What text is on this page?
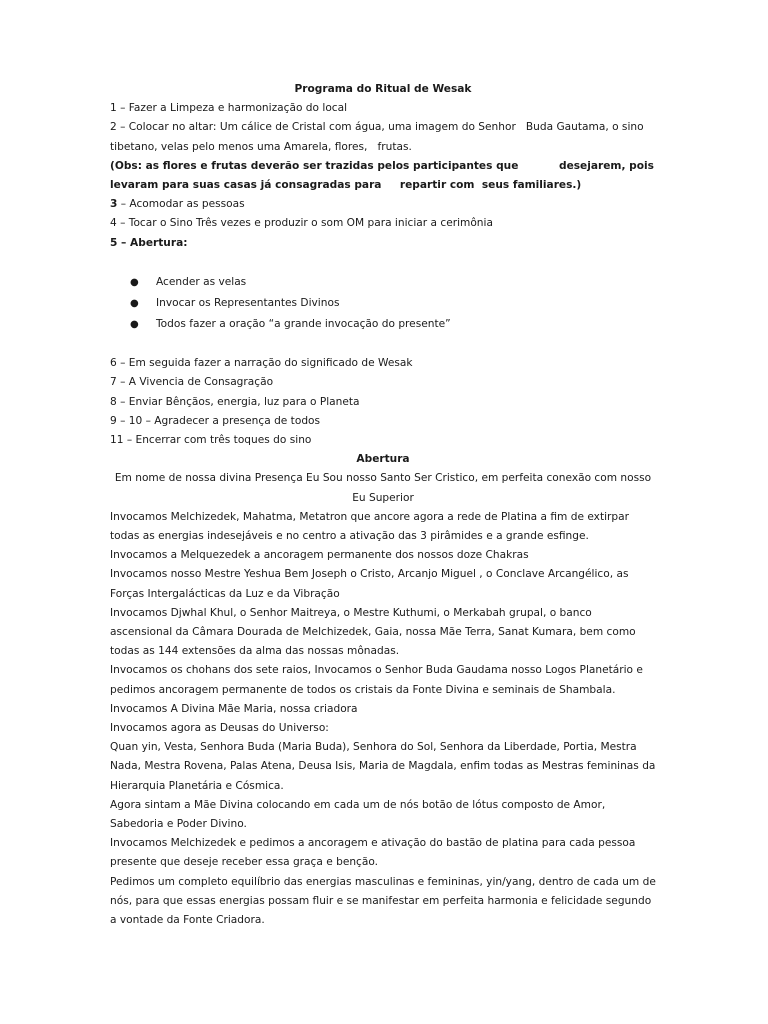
Programa do Ritual de Wesak

1 – Fazer a Limpeza e harmonização do local

2 – Colocar no altar: Um cálice de Cristal com água, uma imagem do Senhor   Buda Gautama, o sino tibetano, velas pelo menos uma Amarela, flores,   frutas.

(Obs: as flores e frutas deverão ser trazidas pelos participantes que           desejarem, pois levaram para suas casas já consagradas para     repartir com  seus familiares.)

3 – Acomodar as pessoas

4 – Tocar o Sino Três vezes e produzir o som OM para iniciar a cerimônia

5 – Abertura:

● Acender as velas
● Invocar os Representantes Divinos
● Todos fazer a oração “a grande invocação do presente”

6 – Em seguida fazer a narração do significado de Wesak

7 – A Vivencia de Consagração

8 – Enviar Bênçãos, energia, luz para o Planeta

9 – 10 – Agradecer a presença de todos

11 – Encerrar com três toques do sino

Abertura

Em nome de nossa divina Presença Eu Sou nosso Santo Ser Cristico, em perfeita conexão com nosso Eu Superior

Invocamos Melchizedek, Mahatma, Metatron que ancore agora a rede de Platina a fim de extirpar todas as energias indesejáveis e no centro a ativação das 3 pirâmides e a grande esfinge.

Invocamos a Melquezedek a ancoragem permanente dos nossos doze Chakras

Invocamos nosso Mestre Yeshua Bem Joseph o Cristo, Arcanjo Miguel , o Conclave Arcangélico, as Forças Intergalácticas da Luz e da Vibração

Invocamos Djwhal Khul, o Senhor Maitreya, o Mestre Kuthumi, o Merkabah grupal, o banco ascensional da Câmara Dourada de Melchizedek, Gaia, nossa Mãe Terra, Sanat Kumara, bem como todas as 144 extensões da alma das nossas mônadas.

Invocamos os chohans dos sete raios, Invocamos o Senhor Buda Gaudama nosso Logos Planetário e pedimos ancoragem permanente de todos os cristais da Fonte Divina e seminais de Shambala.

Invocamos A Divina Mãe Maria, nossa criadora

Invocamos agora as Deusas do Universo:

Quan yin, Vesta, Senhora Buda (Maria Buda), Senhora do Sol, Senhora da Liberdade, Portia, Mestra Nada, Mestra Rovena, Palas Atena, Deusa Isis, Maria de Magdala, enfim todas as Mestras femininas da Hierarquia Planetária e Cósmica.

Agora sintam a Mãe Divina colocando em cada um de nós botão de lótus composto de Amor, Sabedoria e Poder Divino.

Invocamos Melchizedek e pedimos a ancoragem e ativação do bastão de platina para cada pessoa presente que deseje receber essa graça e benção.

Pedimos um completo equilíbrio das energias masculinas e femininas, yin/yang, dentro de cada um de nós, para que essas energias possam fluir e se manifestar em perfeita harmonia e felicidade segundo a vontade da Fonte Criadora.
